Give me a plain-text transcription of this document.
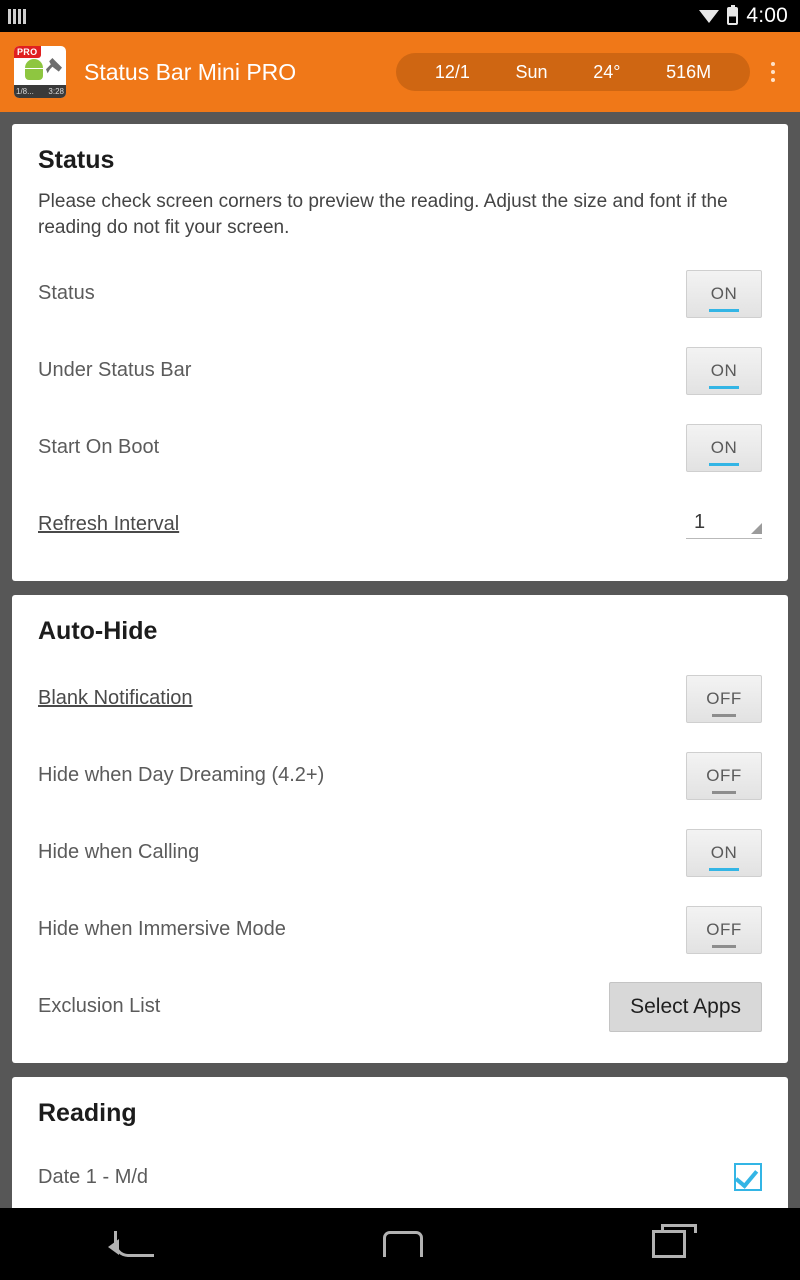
4:00
PRO
1/8... 3:28
Status Bar Mini PRO	12/1	Sun	24°	516M
Status
Please check screen corners to preview the reading. Adjust the size and font if the reading do not fit your screen.
Status	ON
Under Status Bar	ON
Start On Boot	ON
Refresh Interval	1
Auto-Hide
Blank Notification	OFF
Hide when Day Dreaming (4.2+)	OFF
Hide when Calling	ON
Hide when Immersive Mode	OFF
Exclusion List	Select Apps
Reading
Date 1 - M/d
